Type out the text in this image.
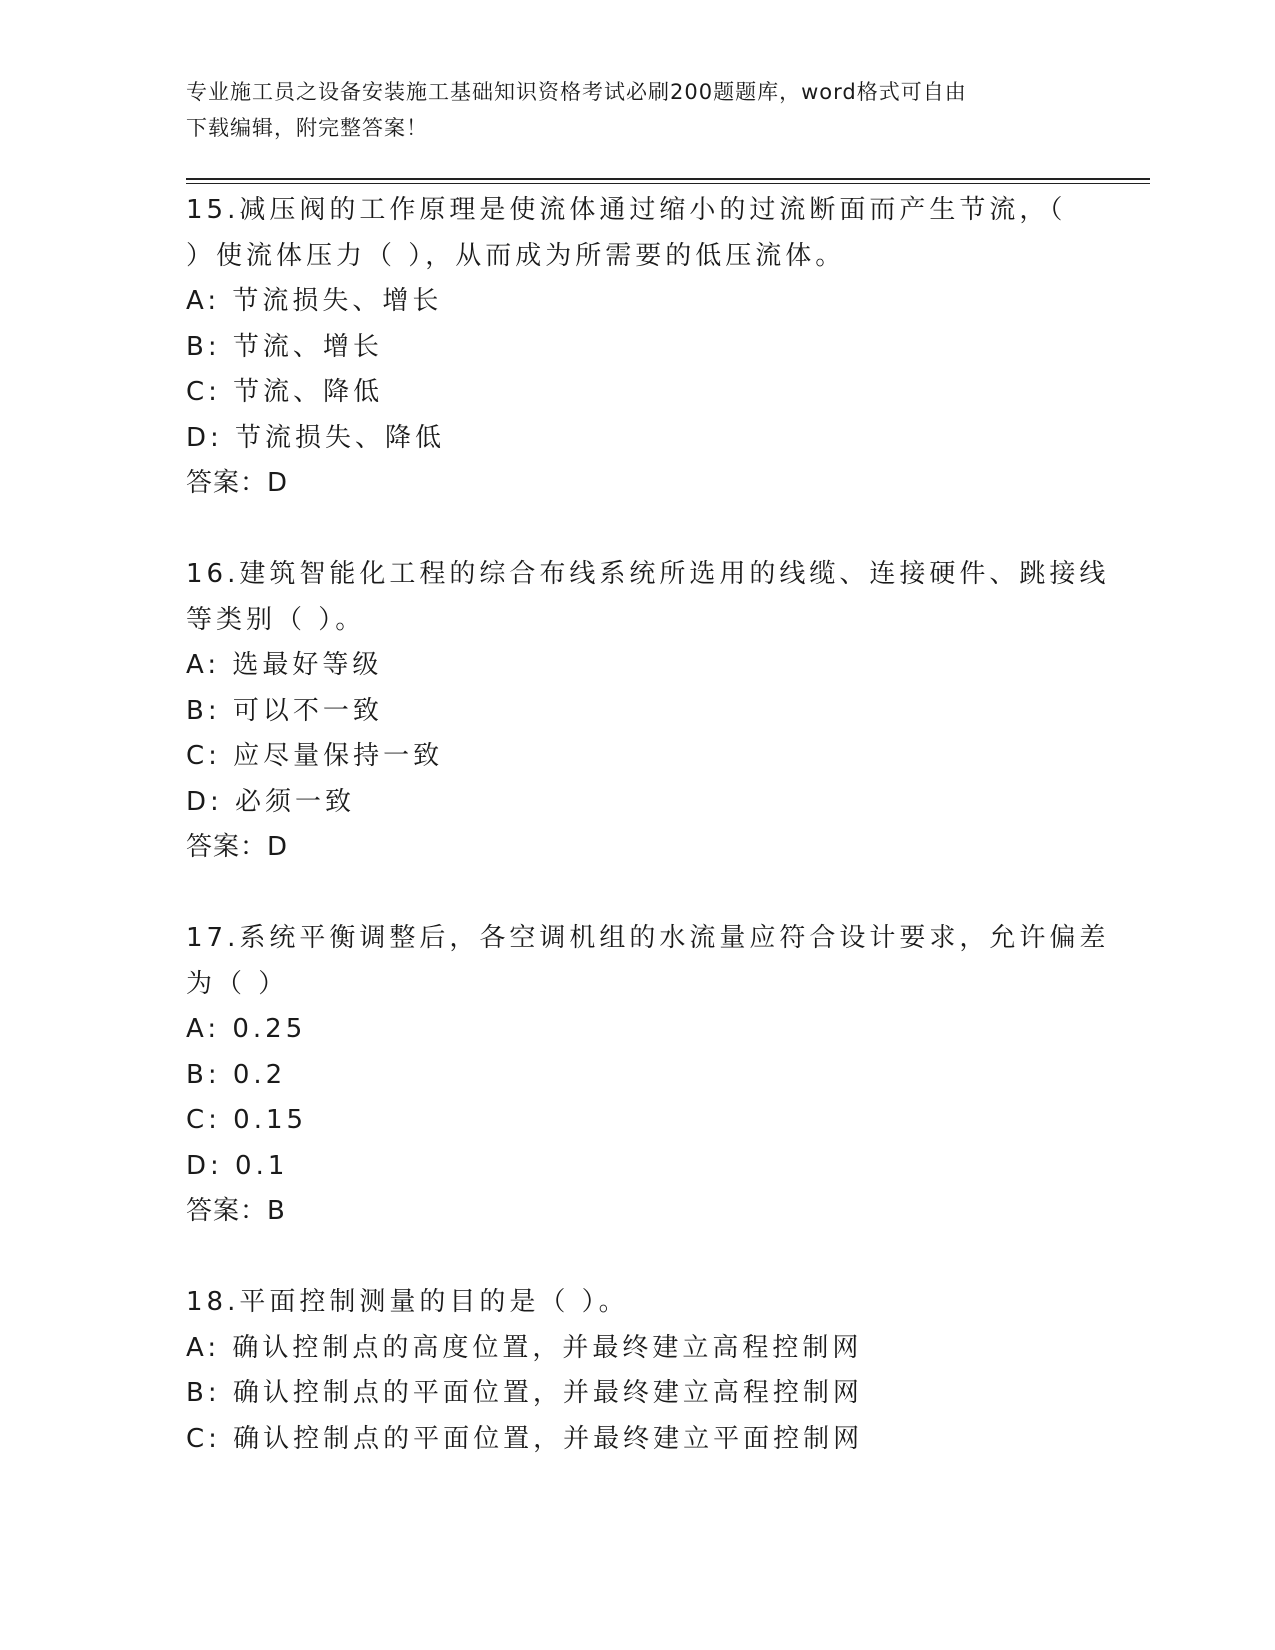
专业施工员之设备安装施工基础知识资格考试必刷200题题库，word格式可自由
下载编辑，附完整答案！
15.减压阀的工作原理是使流体通过缩小的过流断面而产生节流，（
）使流体压力（ ），从而成为所需要的低压流体。
A: 节流损失、增长
B: 节流、增长
C: 节流、降低
D: 节流损失、降低
答案：D
16.建筑智能化工程的综合布线系统所选用的线缆、连接硬件、跳接线
等类别（ ）。
A: 选最好等级
B: 可以不一致
C: 应尽量保持一致
D: 必须一致
答案：D
17.系统平衡调整后，各空调机组的水流量应符合设计要求，允许偏差
为（ ）
A: 0.25
B: 0.2
C: 0.15
D: 0.1
答案：B
18.平面控制测量的目的是（ ）。
A: 确认控制点的高度位置，并最终建立高程控制网
B: 确认控制点的平面位置，并最终建立高程控制网
C: 确认控制点的平面位置，并最终建立平面控制网
